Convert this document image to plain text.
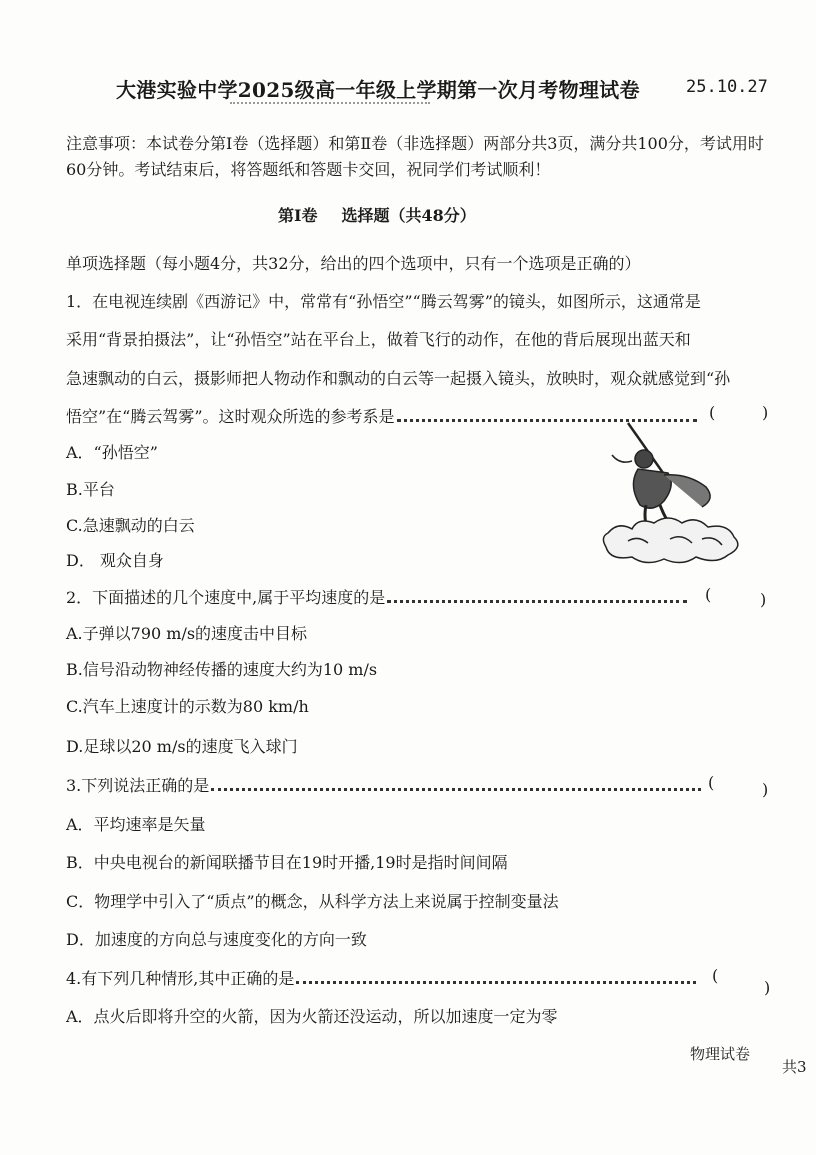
大港实验中学2025级高一年级上学期第一次月考物理试卷	25.10.27
注意事项：本试卷分第Ⅰ卷（选择题）和第Ⅱ卷（非选择题）两部分共3页，满分共100分，考试用时60分钟。考试结束后，将答题纸和答题卡交回，祝同学们考试顺利！
第Ⅰ卷 选择题（共48分）
单项选择题（每小题4分，共32分，给出的四个选项中，只有一个选项是正确的）
1．在电视连续剧《西游记》中，常常有“孙悟空”“腾云驾雾”的镜头，如图所示，这通常是
采用“背景拍摄法”，让“孙悟空”站在平台上，做着飞行的动作，在他的背后展现出蓝天和
急速飘动的白云，摄影师把人物动作和飘动的白云等一起摄入镜头，放映时，观众就感觉到“孙
悟空”在“腾云驾雾”。这时观众所选的参考系是	(	)
A．“孙悟空”
B.平台
C.急速飘动的白云
D． 观众自身
2．下面描述的几个速度中,属于平均速度的是	(	)
A.子弹以790 m/s的速度击中目标
B.信号沿动物神经传播的速度大约为10 m/s
C.汽车上速度计的示数为80 km/h
D.足球以20 m/s的速度飞入球门
3.下列说法正确的是	(	)
A．平均速率是矢量
B．中央电视台的新闻联播节目在19时开播,19时是指时间间隔
C．物理学中引入了“质点”的概念，从科学方法上来说属于控制变量法
D．加速度的方向总与速度变化的方向一致
4.有下列几种情形,其中正确的是	(
)
A．点火后即将升空的火箭，因为火箭还没运动，所以加速度一定为零
物理试卷
共3
